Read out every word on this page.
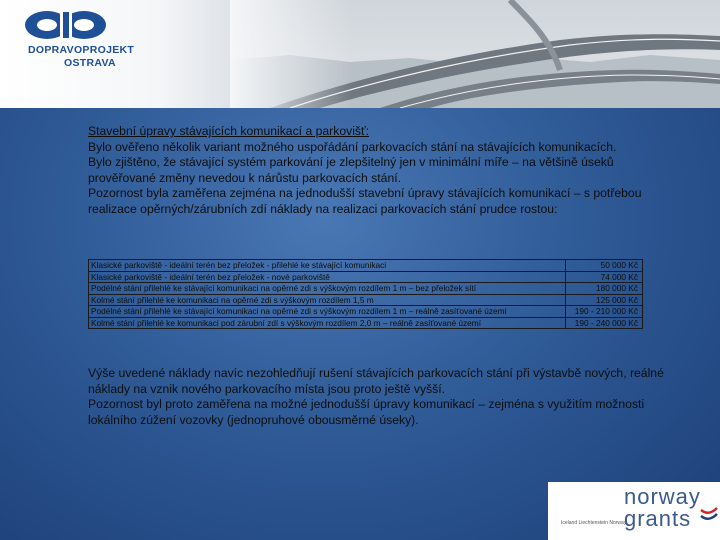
DOPRAVOPROJEKT
OSTRAVA

Stavební úpravy stávajících komunikací a parkovišť:

Bylo ověřeno několik variant možného uspořádání parkovacích stání na stávajících komunikacích.

Bylo zjištěno, že stávající systém parkování je zlepšitelný jen v minimální míře – na většině úseků prověřované změny nevedou k nárůstu parkovacích stání.

Pozornost byla zaměřena zejména na jednodušší stavební úpravy stávajících komunikací – s potřebou realizace opěrných/zárubních zdí náklady na realizaci parkovacích stání prudce rostou:

Klasické parkoviště - ideální terén bez přeložek - přilehlé ke stávající komunikaci	50 000 Kč
Klasické parkoviště - ideální terén bez přeložek - nové parkoviště	74 000 Kč
Podélné stání přilehlé ke stávající komunikaci na opěrné zdi s výškovým rozdílem 1 m – bez přeložek sítí	180 000 Kč
Kolmé stání přilehlé ke komunikaci na opěrné zdi s výškovým rozdílem 1,5 m	125 000 Kč
Podélné stání přilehlé ke stávající komunikaci na opěrné zdi s výškovým rozdílem 1 m – reálně zasíťované území	190 - 210 000 Kč
Kolmé stání přilehlé ke komunikaci pod zárubní zdí s výškovým rozdílem 2,0 m – reálně zasíťované území	190 - 240 000 Kč

Výše uvedené náklady navíc nezohledňují rušení stávajících parkovacích stání při výstavbě nových, reálné náklady na vznik nového parkovacího místa jsou proto ještě vyšší.

Pozornost byl proto zaměřena na možné jednodušší úpravy komunikací – zejména s využitím možnosti lokálního zúžení vozovky (jednopruhové obousměrné úseky).

Iceland Liechtenstein Norway
norway
grants
